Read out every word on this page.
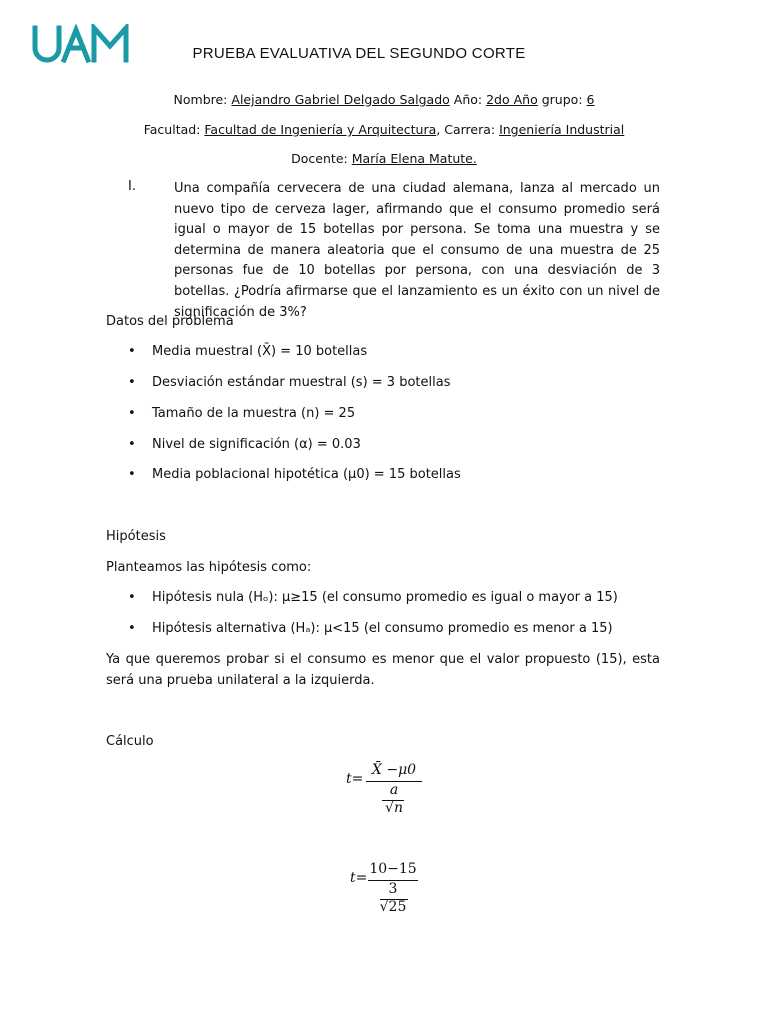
UAM
PRUEBA EVALUATIVA DEL SEGUNDO CORTE
Nombre: Alejandro Gabriel Delgado Salgado Año: 2do Año grupo: 6
Facultad: Facultad de Ingeniería y Arquitectura, Carrera: Ingeniería Industrial
Docente: María Elena Matute.
I.	Una compañía cervecera de una ciudad alemana, lanza al mercado un nuevo tipo de cerveza lager, afirmando que el consumo promedio será igual o mayor de 15 botellas por persona. Se toma una muestra y se determina de manera aleatoria que el consumo de una muestra de 25 personas fue de 10 botellas por persona, con una desviación de 3 botellas. ¿Podría afirmarse que el lanzamiento es un éxito con un nivel de significación de 3%?
Datos del problema
• Media muestral (X̄) = 10 botellas
• Desviación estándar muestral (s) = 3 botellas
• Tamaño de la muestra (n) = 25
• Nivel de significación (α) = 0.03
• Media poblacional hipotética (μ0) = 15 botellas
Hipótesis
Planteamos las hipótesis como:
• Hipótesis nula (Hₒ): μ≥15 (el consumo promedio es igual o mayor a 15)
• Hipótesis alternativa (Hₐ): μ<15 (el consumo promedio es menor a 15)
Ya que queremos probar si el consumo es menor que el valor propuesto (15), esta será una prueba unilateral a la izquierda.
Cálculo
t=
X̄ −μ0
a
√n
t=
10−15
3
√25
